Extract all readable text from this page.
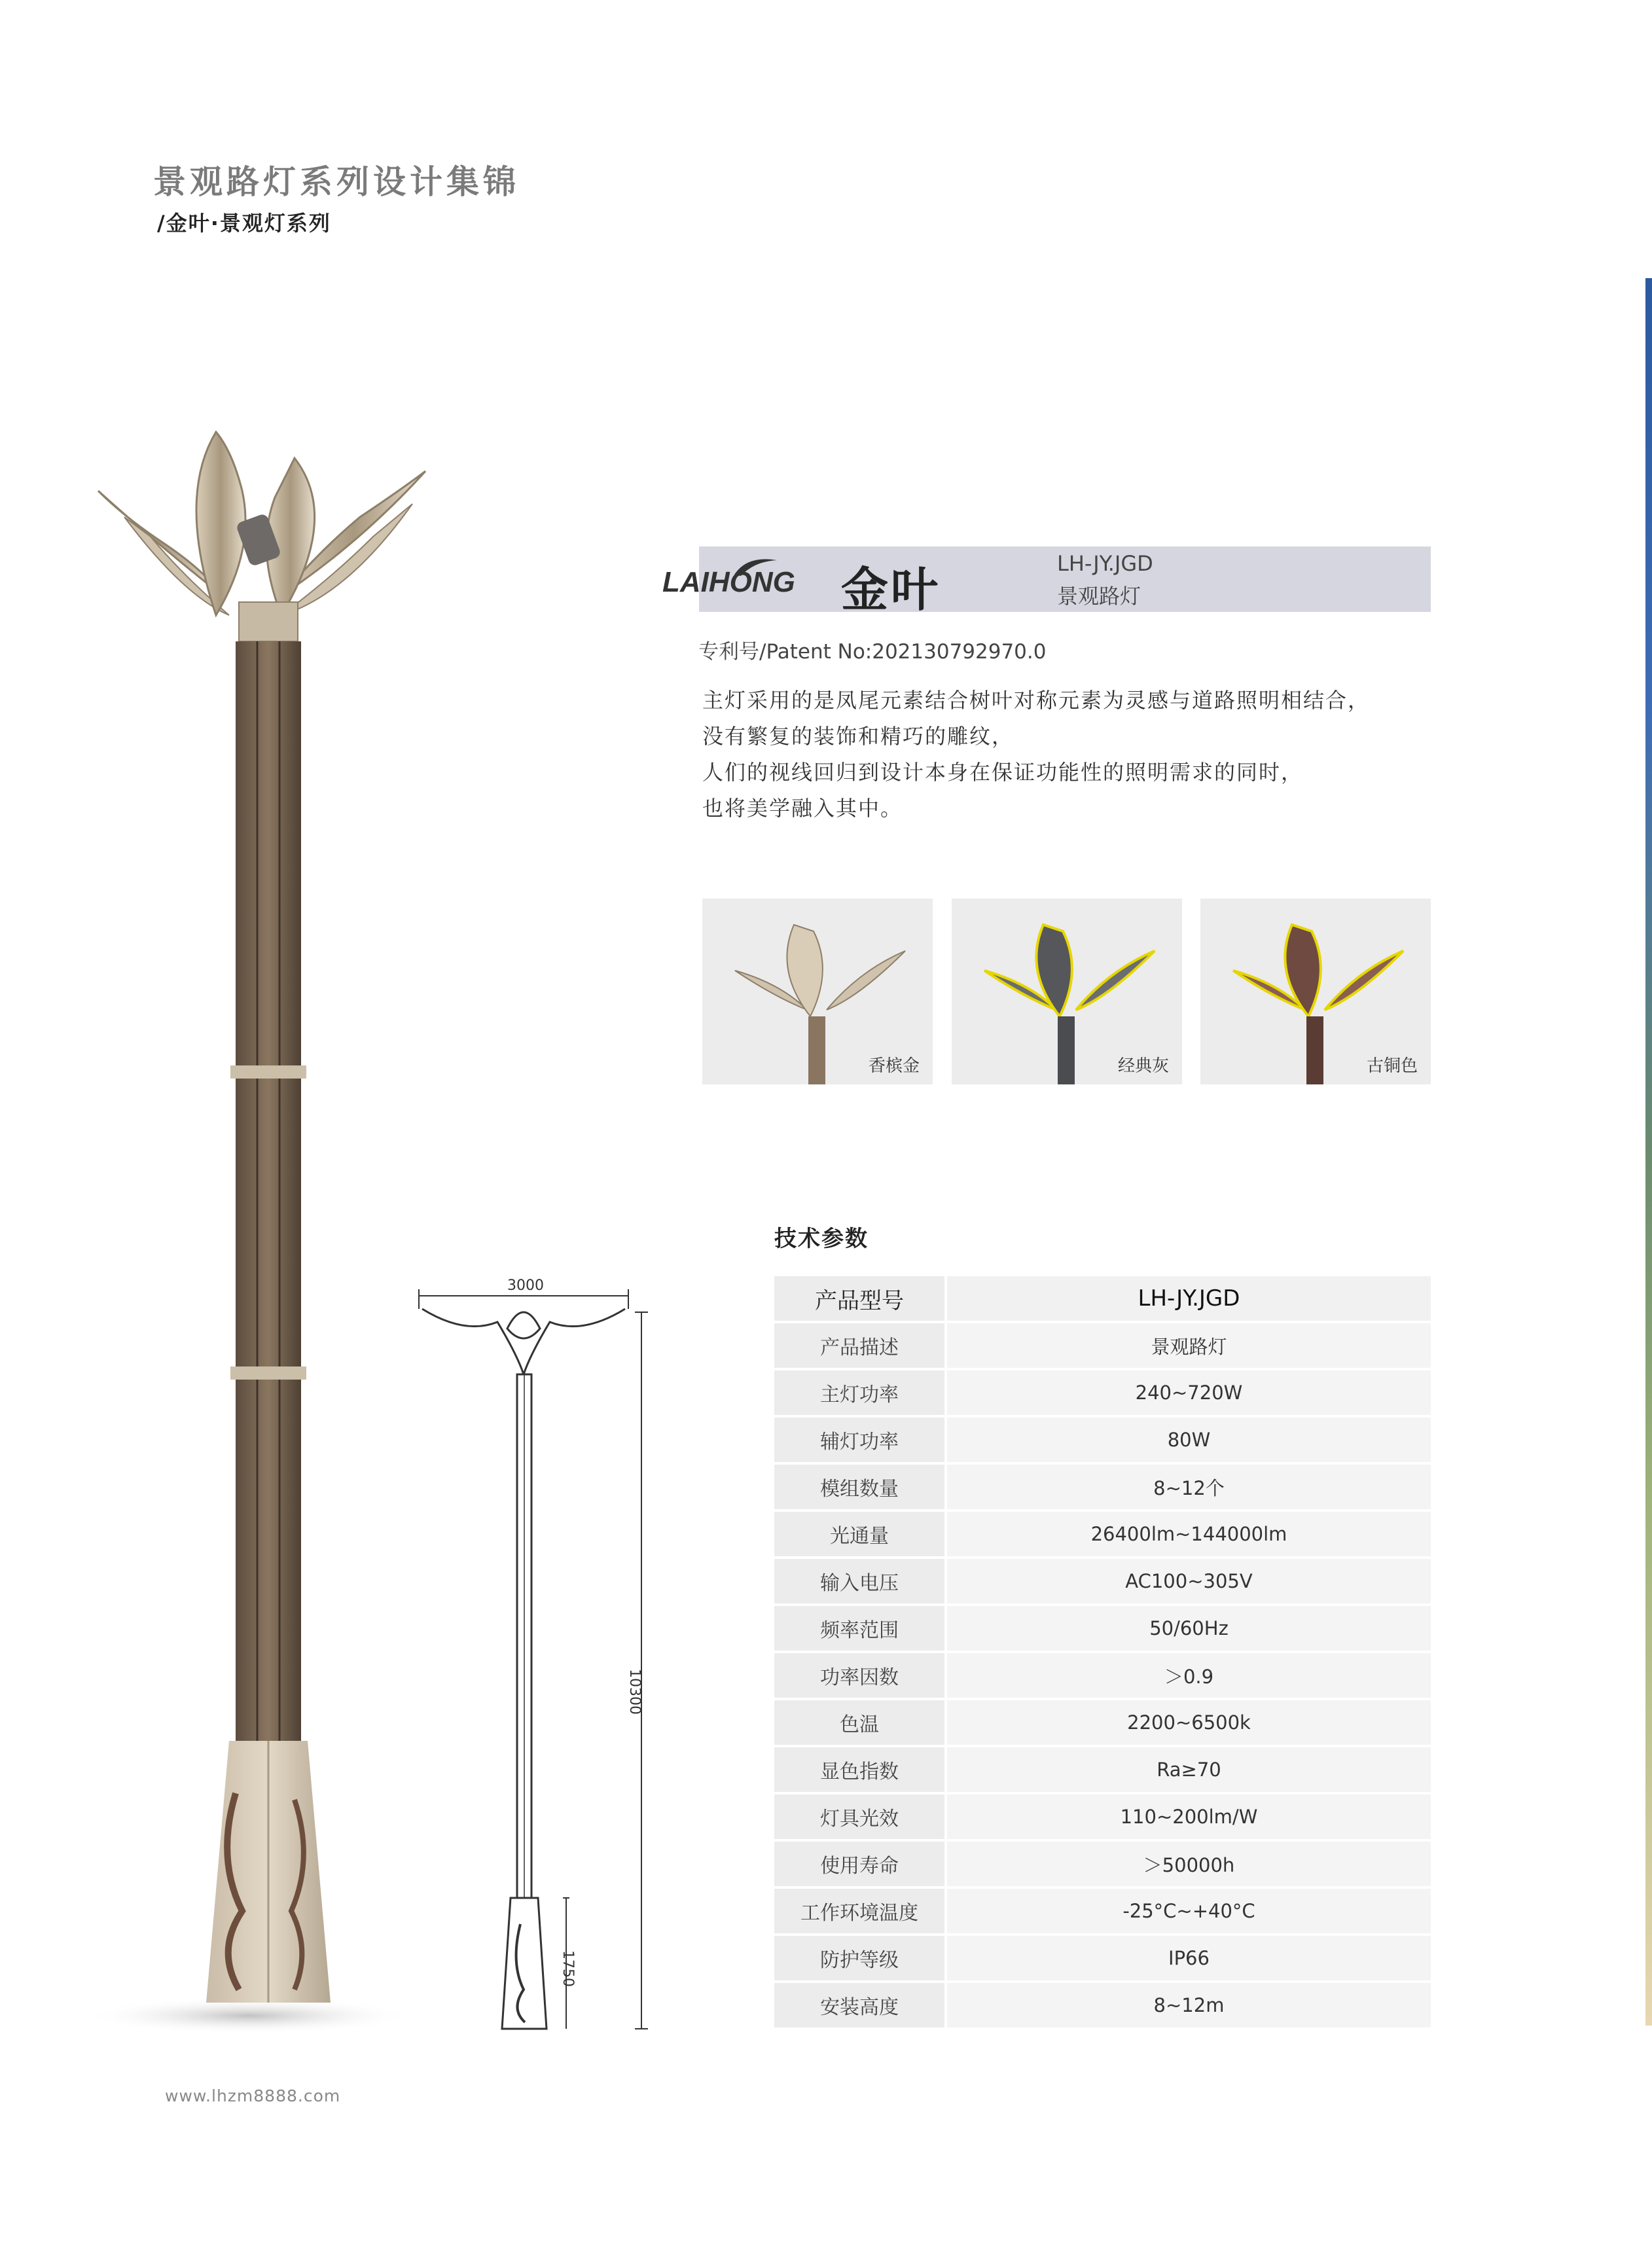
景观路灯系列设计集锦
/金叶·景观灯系列
3000
10300
1750
LAIHONG 金叶	LH-JY.JGD
景观路灯
专利号/Patent No:202130792970.0
主灯采用的是凤尾元素结合树叶对称元素为灵感与道路照明相结合，
没有繁复的装饰和精巧的雕纹，
人们的视线回归到设计本身在保证功能性的照明需求的同时，
也将美学融入其中。
香槟金	经典灰	古铜色
技术参数
产品型号	LH-JY.JGD
产品描述	景观路灯
主灯功率	240~720W
辅灯功率	80W
模组数量	8~12个
光通量	26400lm~144000lm
输入电压	AC100~305V
频率范围	50/60Hz
功率因数	＞0.9
色温	2200~6500k
显色指数	Ra≥70
灯具光效	110~200lm/W
使用寿命	＞50000h
工作环境温度	-25°C~+40°C
防护等级	IP66
安装高度	8~12m
www.lhzm8888.com
